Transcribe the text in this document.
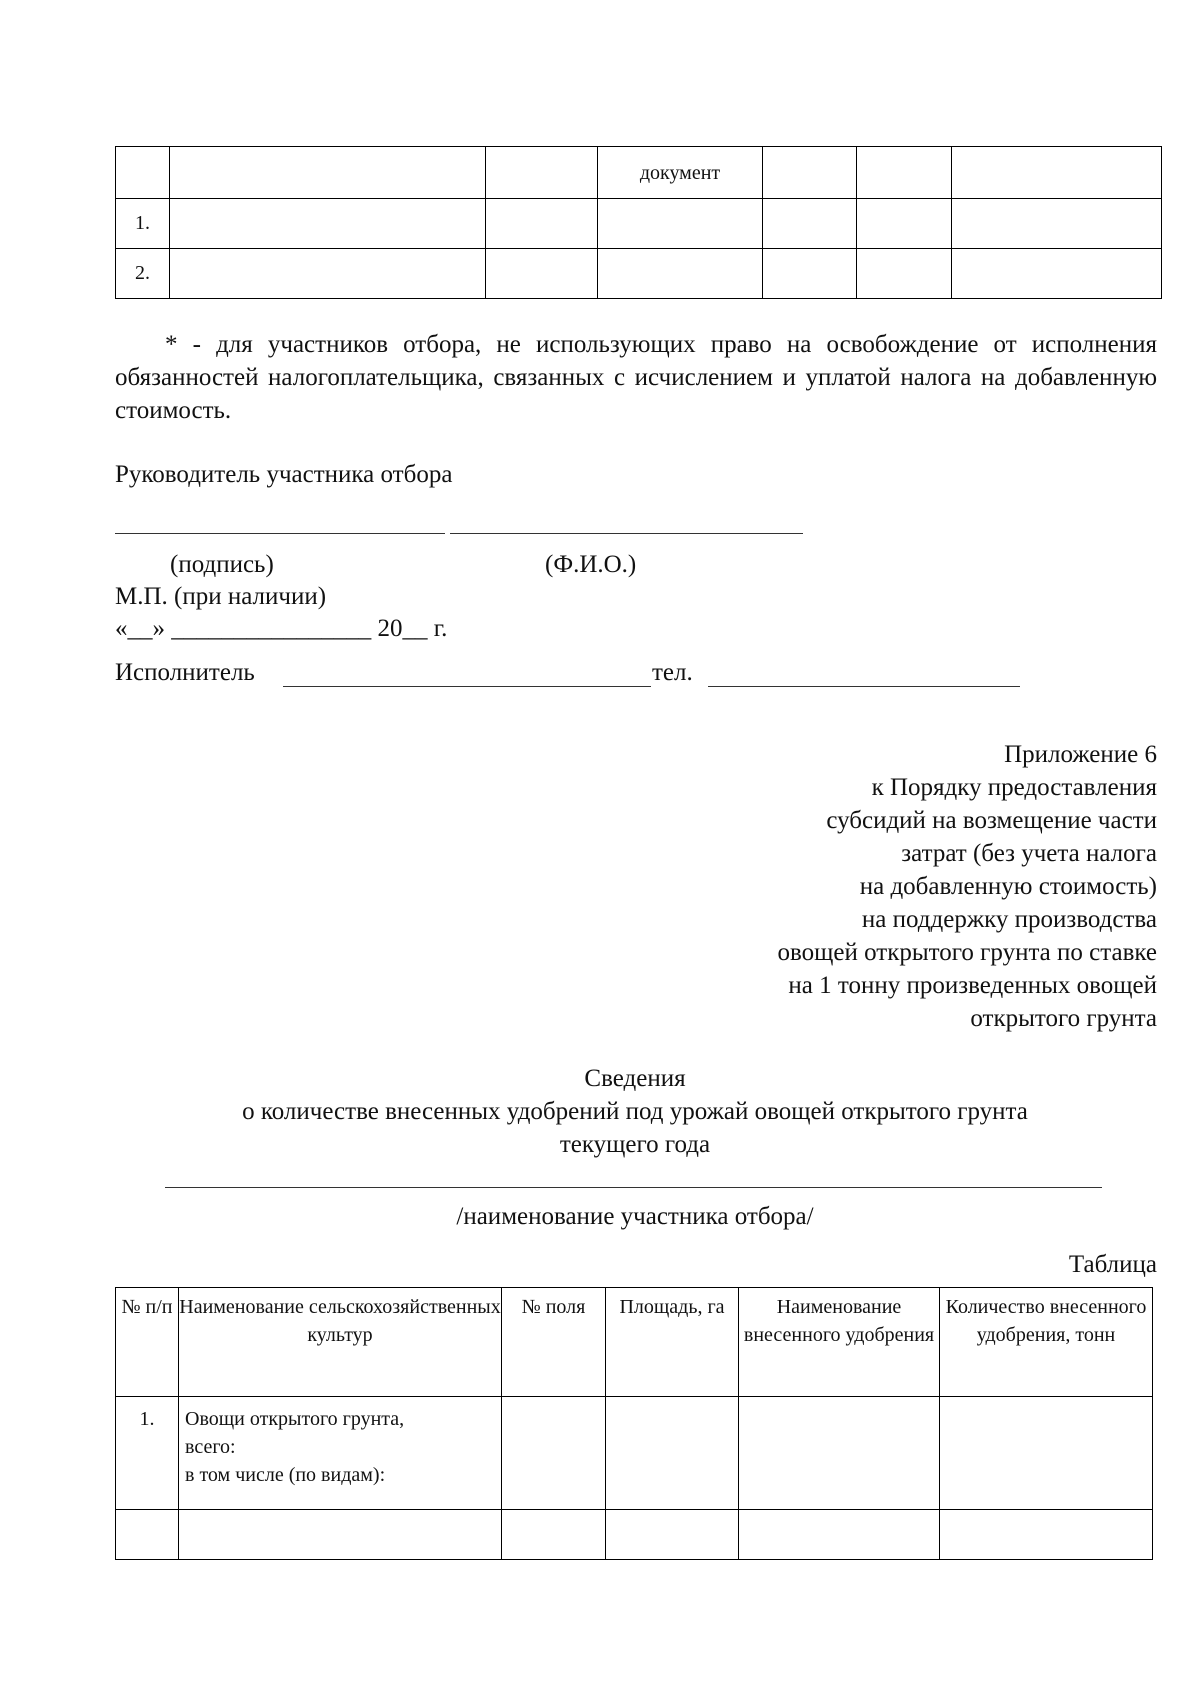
			документ			
1.						
2.						
* - для участников отбора, не использующих право на освобождение от исполнения обязанностей налогоплательщика, связанных с исчислением и уплатой налога на добавленную стоимость.
Руководитель участника отбора
(подпись)	(Ф.И.О.)
М.П. (при наличии)
«__» ________________ 20__ г.
Исполнитель	тел.
Приложение 6
к Порядку предоставления
субсидий на возмещение части
затрат (без учета налога
на добавленную стоимость)
на поддержку производства
овощей открытого грунта по ставке
на 1 тонну произведенных овощей
открытого грунта
Сведения
о количестве внесенных удобрений под урожай овощей открытого грунта
текущего года
/наименование участника отбора/
Таблица
№ п/п	Наименование сельскохозяйственных культур	№ поля	Площадь, га	Наименование внесенного удобрения	Количество внесенного удобрения, тонн
1.	Овощи открытого грунта,
всего:
в том числе (по видам):				
